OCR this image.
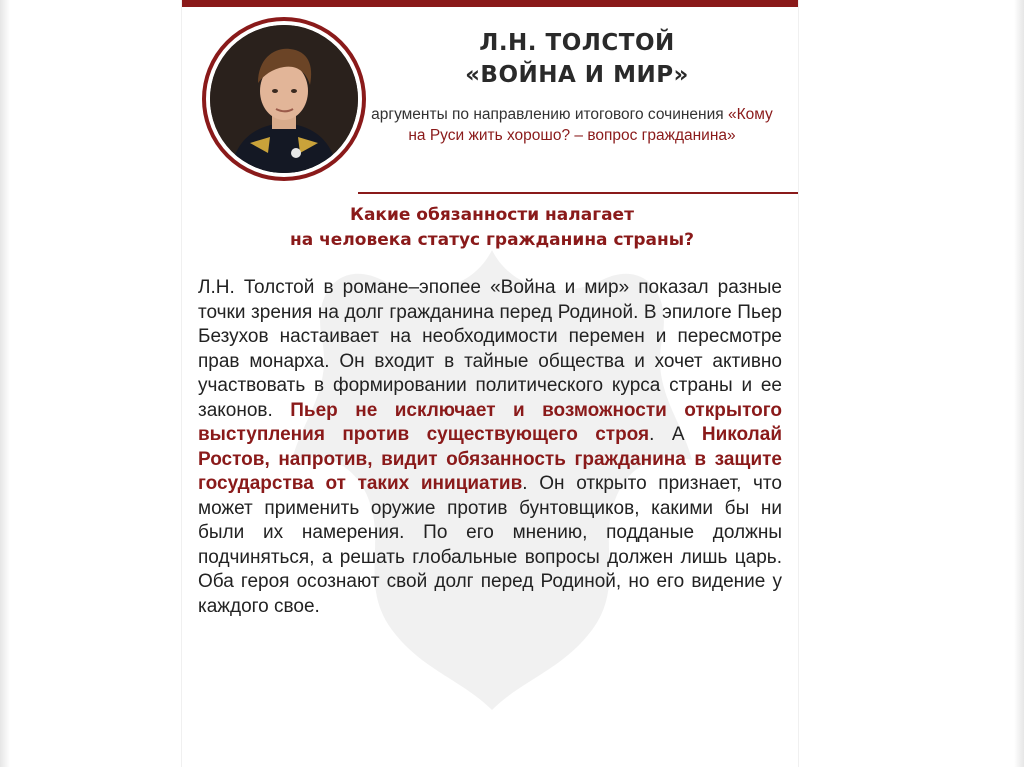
Л.Н. ТОЛСТОЙ
«ВОЙНА И МИР»
аргументы по направлению итогового сочинения «Кому на Руси жить хорошо? – вопрос гражданина»
Какие обязанности налагает
на человека статус гражданина страны?
Л.Н. Толстой в романе–эпопее «Война и мир» показал разные точки зрения на долг гражданина перед Родиной. В эпилоге Пьер Безухов настаивает на необходимости перемен и пересмотре прав монарха. Он входит в тайные общества и хочет активно участвовать в формировании политического курса страны и ее законов. Пьер не исключает и возможности открытого выступления против существующего строя. А Николай Ростов, напротив, видит обязанность гражданина в защите государства от таких инициатив. Он открыто признает, что может применить оружие против бунтовщиков, какими бы ни были их намерения. По его мнению, подданые должны подчиняться, а решать глобальные вопросы должен лишь царь. Оба героя осознают свой долг перед Родиной, но его видение у каждого свое.
